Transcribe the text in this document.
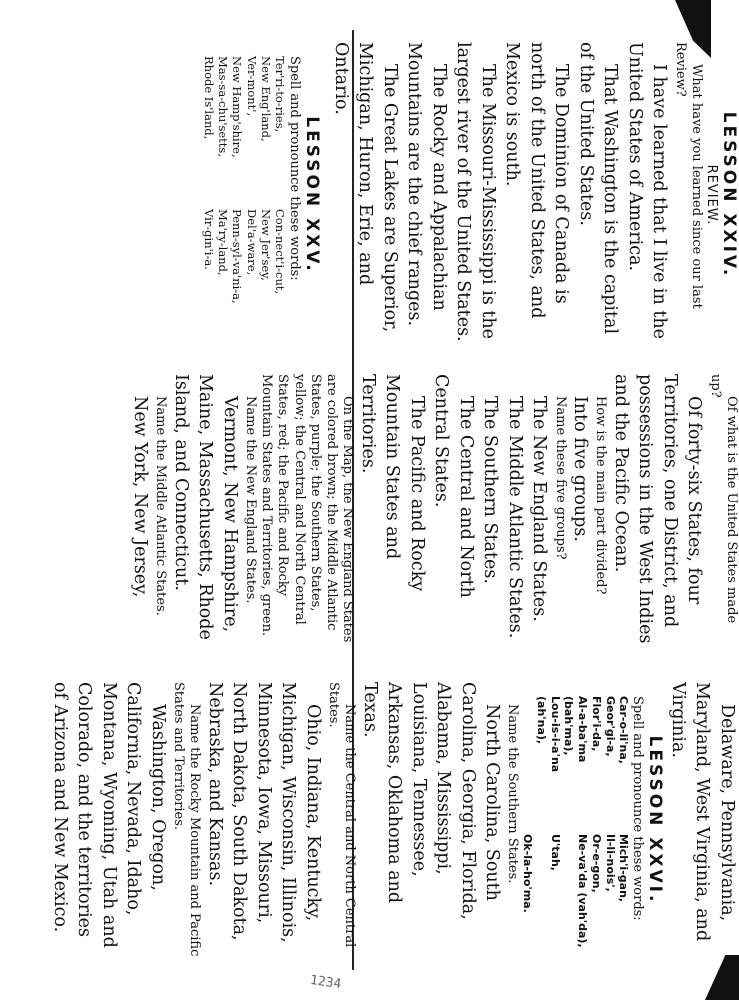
LESSON XXIV.

REVIEW.

What have you learned since our last Review?

I have learned that I live in the United States of America.

That Washington is the capital of the United States.

The Dominion of Canada is north of the United States, and Mexico is south.

The Missouri-Mississippi is the largest river of the United States.

The Rocky and Appalachian Mountains are the chief ranges.

The Great Lakes are Superior, Michigan, Huron, Erie, and Ontario.

LESSON XXV.

Spell and pronounce these words:

Ter'ri-to-ries,
Con-nect'i-cut,
New Eng'land,
New Jer'sey,
Ver-mont',
Del'a-ware,
New Hamp'shire,
Penn-syl-va'ni-a,
Mas-sa-chu'setts,
Ma'ry-land,
Rhode Is'land,
Vir-gin'i-a.

Of what is the United States made up?

Of forty-six States, four Territories, one District, and possessions in the West Indies and the Pacific Ocean.

How is the main part divided?

Into five groups.

Name these five groups?

The New England States.

The Middle Atlantic States.

The Southern States.

The Central and North Central States.

The Pacific and Rocky Mountain States and Territories.

On the Map, the New England States are colored brown; the Middle Atlantic States, purple; the Southern States, yellow; the Central and North Central States, red; the Pacific and Rocky Mountain States and Territories, green.

Name the New England States.

Vermont, New Hampshire, Maine, Massachusetts, Rhode Island, and Connecticut.

Name the Middle Atlantic States.

New York, New Jersey,

Delaware, Pennsylvania, Maryland, West Virginia, and Virginia.

LESSON XXVI.

Spell and pronounce these words:

Car-o-li'na,
Mich'i-gan,
Geor'gi-a,
Il-li-nois',
Flor'i-da,
Or-e-gon,
Al-a-ba'ma (bah'ma),
Ne-va'da (vah'da),
Lou-is-i-a'na (ah'na),
U'tah,
Ok-la-ho'ma.

Name the Southern States.

North Carolina, South Carolina, Georgia, Florida, Alabama, Mississippi, Louisiana, Tennessee, Arkansas, Oklahoma and Texas.

Name the Central and North Central States.

Ohio, Indiana, Kentucky, Michigan, Wisconsin, Illinois, Minnesota, Iowa, Missouri, North Dakota, South Dakota, Nebraska, and Kansas.

Name the Rocky Mountain and Pacific States and Territories.

Washington, Oregon, California, Nevada, Idaho, Montana, Wyoming, Utah and Colorado, and the territories of Arizona and New Mexico.

1234
